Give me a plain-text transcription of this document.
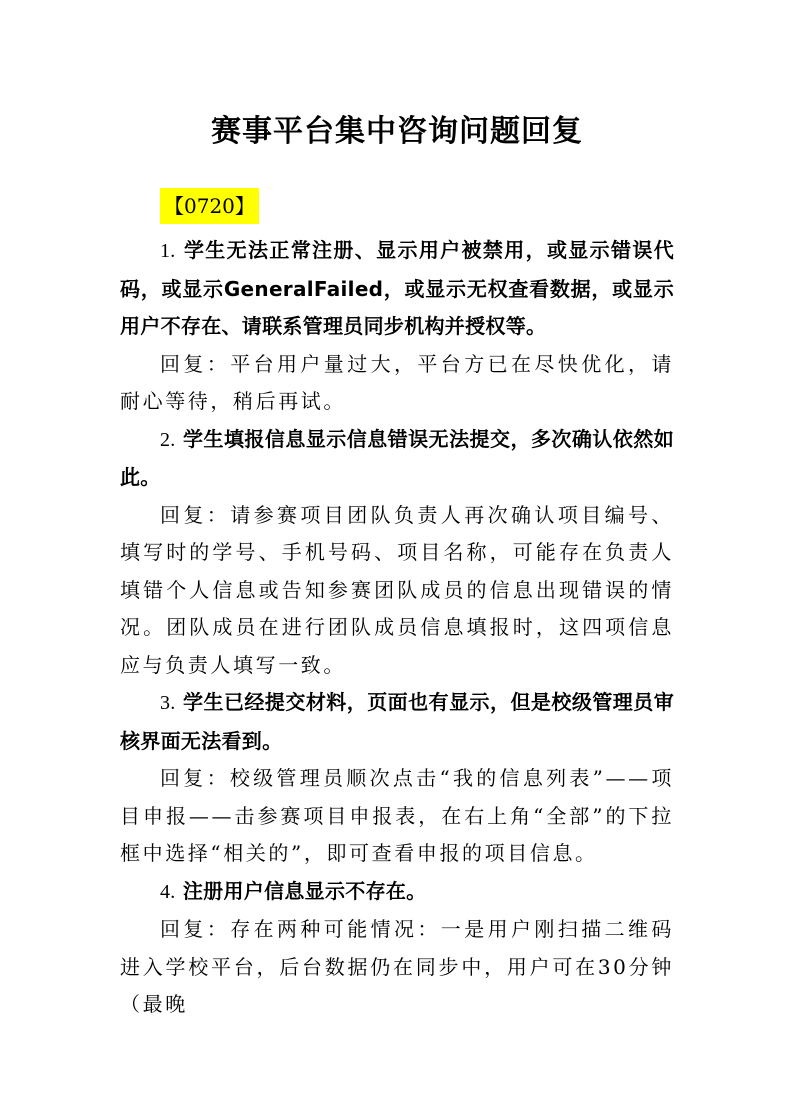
赛事平台集中咨询问题回复
【0720】

1. 学生无法正常注册、显示用户被禁用，或显示错误代码，或显示GeneralFailed，或显示无权查看数据，或显示用户不存在、请联系管理员同步机构并授权等。

回复：平台用户量过大，平台方已在尽快优化，请耐心等待，稍后再试。

2. 学生填报信息显示信息错误无法提交，多次确认依然如此。

回复：请参赛项目团队负责人再次确认项目编号、填写时的学号、手机号码、项目名称，可能存在负责人填错个人信息或告知参赛团队成员的信息出现错误的情况。团队成员在进行团队成员信息填报时，这四项信息应与负责人填写一致。

3. 学生已经提交材料，页面也有显示，但是校级管理员审核界面无法看到。

回复：校级管理员顺次点击“我的信息列表”——项目申报——击参赛项目申报表，在右上角“全部”的下拉框中选择“相关的”，即可查看申报的项目信息。

4. 注册用户信息显示不存在。

回复：存在两种可能情况：一是用户刚扫描二维码进入学校平台，后台数据仍在同步中，用户可在30分钟（最晚
